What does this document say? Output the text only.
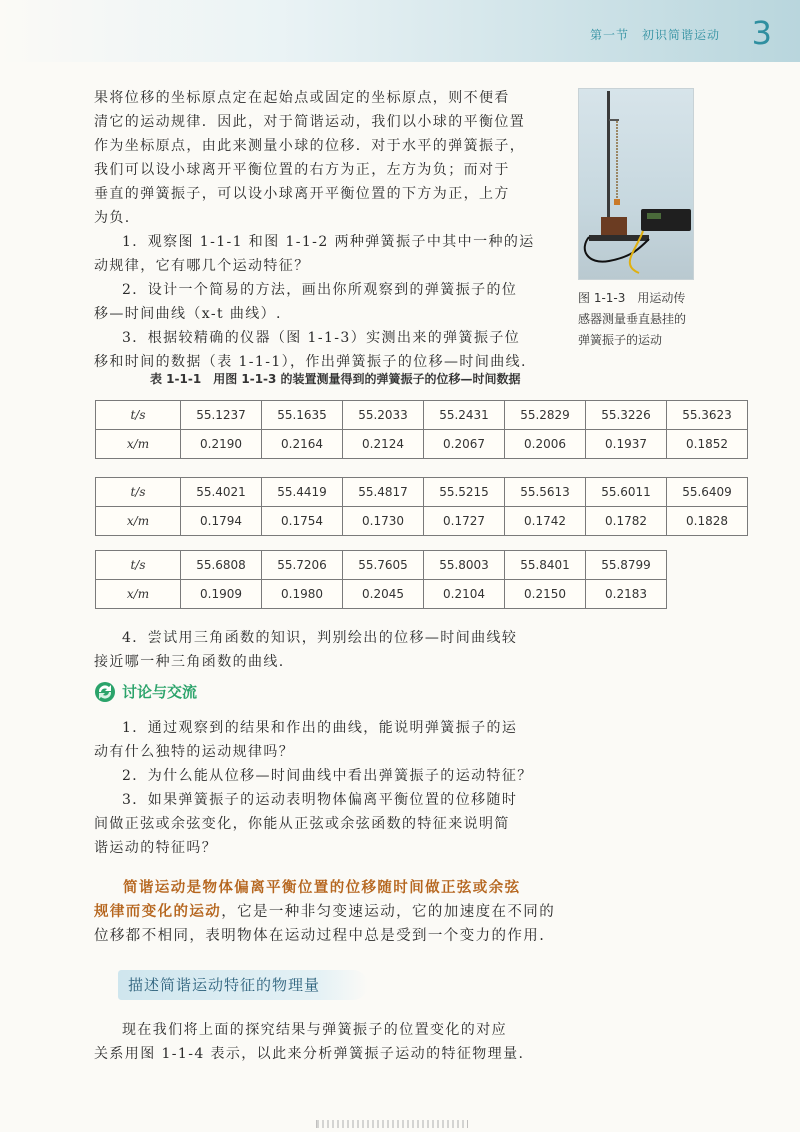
第一节　初识简谐运动 3

果将位移的坐标原点定在起始点或固定的坐标原点，则不便看
清它的运动规律．因此，对于简谐运动，我们以小球的平衡位置
作为坐标原点，由此来测量小球的位移．对于水平的弹簧振子，
我们可以设小球离开平衡位置的右方为正，左方为负；而对于
垂直的弹簧振子，可以设小球离开平衡位置的下方为正，上方
为负.

1．观察图 1-1-1 和图 1-1-2 两种弹簧振子中其中一种的运
动规律，它有哪几个运动特征？

2．设计一个简易的方法，画出你所观察到的弹簧振子的位
移—时间曲线（x-t 曲线）.

3．根据较精确的仪器（图 1-1-3）实测出来的弹簧振子位
移和时间的数据（表 1-1-1），作出弹簧振子的位移—时间曲线.

图 1-1-3　用运动传
感器测量垂直悬挂的
弹簧振子的运动

表 1-1-1　用图 1-1-3 的装置测量得到的弹簧振子的位移—时间数据

t/s	55.1237	55.1635	55.2033	55.2431	55.2829	55.3226	55.3623
x/m	0.2190	0.2164	0.2124	0.2067	0.2006	0.1937	0.1852
t/s	55.4021	55.4419	55.4817	55.5215	55.5613	55.6011	55.6409
x/m	0.1794	0.1754	0.1730	0.1727	0.1742	0.1782	0.1828
t/s	55.6808	55.7206	55.7605	55.8003	55.8401	55.8799
x/m	0.1909	0.1980	0.2045	0.2104	0.2150	0.2183

4．尝试用三角函数的知识，判别绘出的位移—时间曲线较
接近哪一种三角函数的曲线.

讨论与交流

1．通过观察到的结果和作出的曲线，能说明弹簧振子的运
动有什么独特的运动规律吗？

2．为什么能从位移—时间曲线中看出弹簧振子的运动特征？

3．如果弹簧振子的运动表明物体偏离平衡位置的位移随时
间做正弦或余弦变化，你能从正弦或余弦函数的特征来说明简
谐运动的特征吗？

简谐运动是物体偏离平衡位置的位移随时间做正弦或余弦
规律而变化的运动，它是一种非匀变速运动，它的加速度在不同的
位移都不相同，表明物体在运动过程中总是受到一个变力的作用.

描述简谐运动特征的物理量

现在我们将上面的探究结果与弹簧振子的位置变化的对应
关系用图 1-1-4 表示，以此来分析弹簧振子运动的特征物理量.
